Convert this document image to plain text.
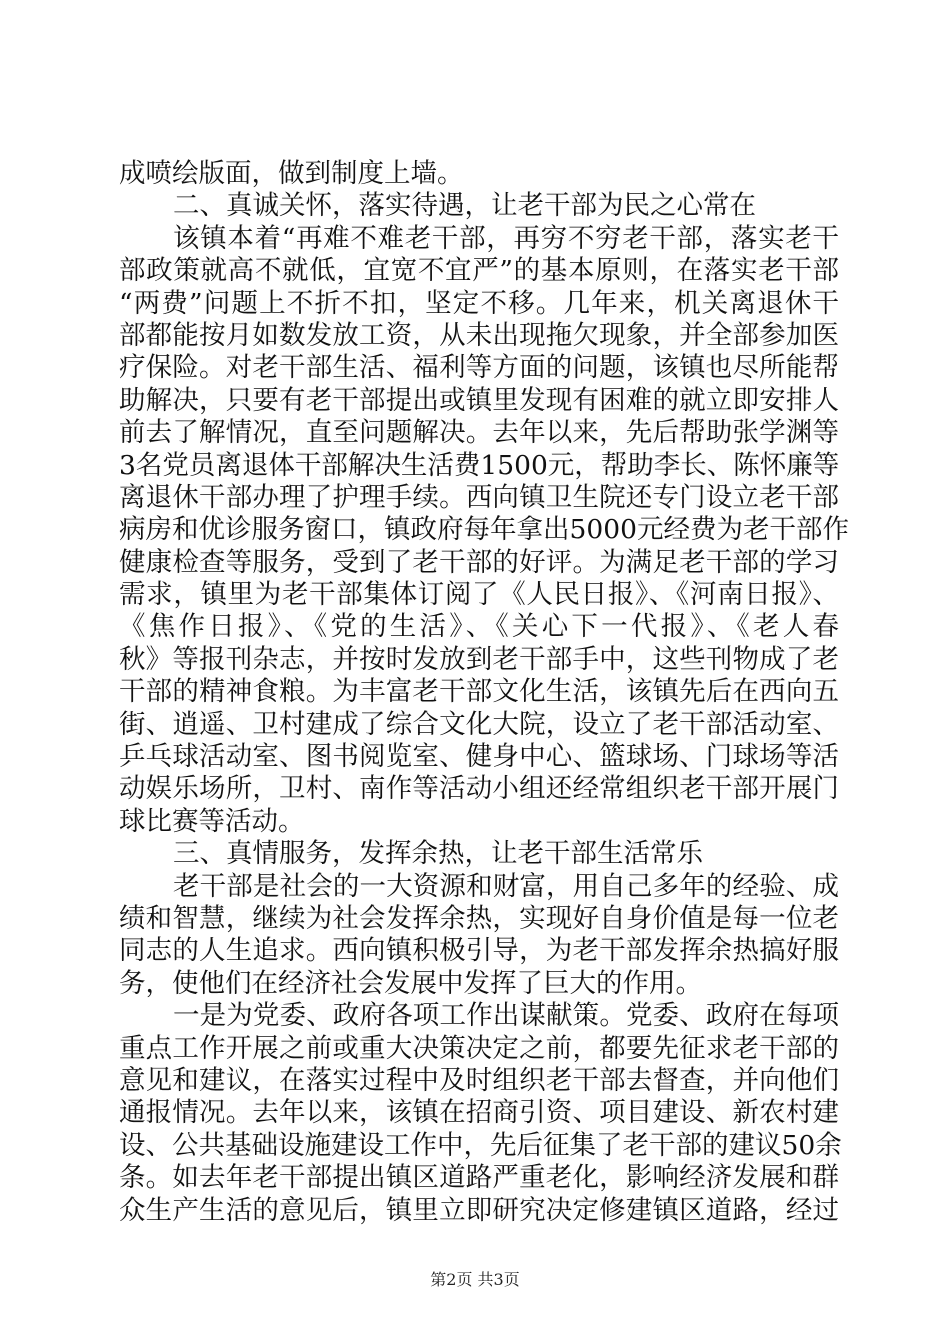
成喷绘版面，做到制度上墙。
二、真诚关怀，落实待遇，让老干部为民之心常在
该镇本着“再难不难老干部，再穷不穷老干部，落实老干
部政策就高不就低，宜宽不宜严”的基本原则，在落实老干部
“两费”问题上不折不扣，坚定不移。几年来，机关离退休干
部都能按月如数发放工资，从未出现拖欠现象，并全部参加医
疗保险。对老干部生活、福利等方面的问题，该镇也尽所能帮
助解决，只要有老干部提出或镇里发现有困难的就立即安排人
前去了解情况，直至问题解决。去年以来，先后帮助张学渊等
3名党员离退体干部解决生活费1500元，帮助李长、陈怀廉等
离退休干部办理了护理手续。西向镇卫生院还专门设立老干部
病房和优诊服务窗口，镇政府每年拿出5000元经费为老干部作
健康检查等服务，受到了老干部的好评。为满足老干部的学习
需求，镇里为老干部集体订阅了《人民日报》、《河南日报》、
《焦作日报》、《党的生活》、《关心下一代报》、《老人春
秋》等报刊杂志，并按时发放到老干部手中，这些刊物成了老
干部的精神食粮。为丰富老干部文化生活，该镇先后在西向五
街、逍遥、卫村建成了综合文化大院，设立了老干部活动室、
乒乓球活动室、图书阅览室、健身中心、篮球场、门球场等活
动娱乐场所，卫村、南作等活动小组还经常组织老干部开展门
球比赛等活动。
三、真情服务，发挥余热，让老干部生活常乐
老干部是社会的一大资源和财富，用自己多年的经验、成
绩和智慧，继续为社会发挥余热，实现好自身价值是每一位老
同志的人生追求。西向镇积极引导，为老干部发挥余热搞好服
务，使他们在经济社会发展中发挥了巨大的作用。
一是为党委、政府各项工作出谋献策。党委、政府在每项
重点工作开展之前或重大决策决定之前，都要先征求老干部的
意见和建议，在落实过程中及时组织老干部去督查，并向他们
通报情况。去年以来，该镇在招商引资、项目建设、新农村建
设、公共基础设施建设工作中，先后征集了老干部的建议50余
条。如去年老干部提出镇区道路严重老化，影响经济发展和群
众生产生活的意见后，镇里立即研究决定修建镇区道路，经过
第2页 共3页
